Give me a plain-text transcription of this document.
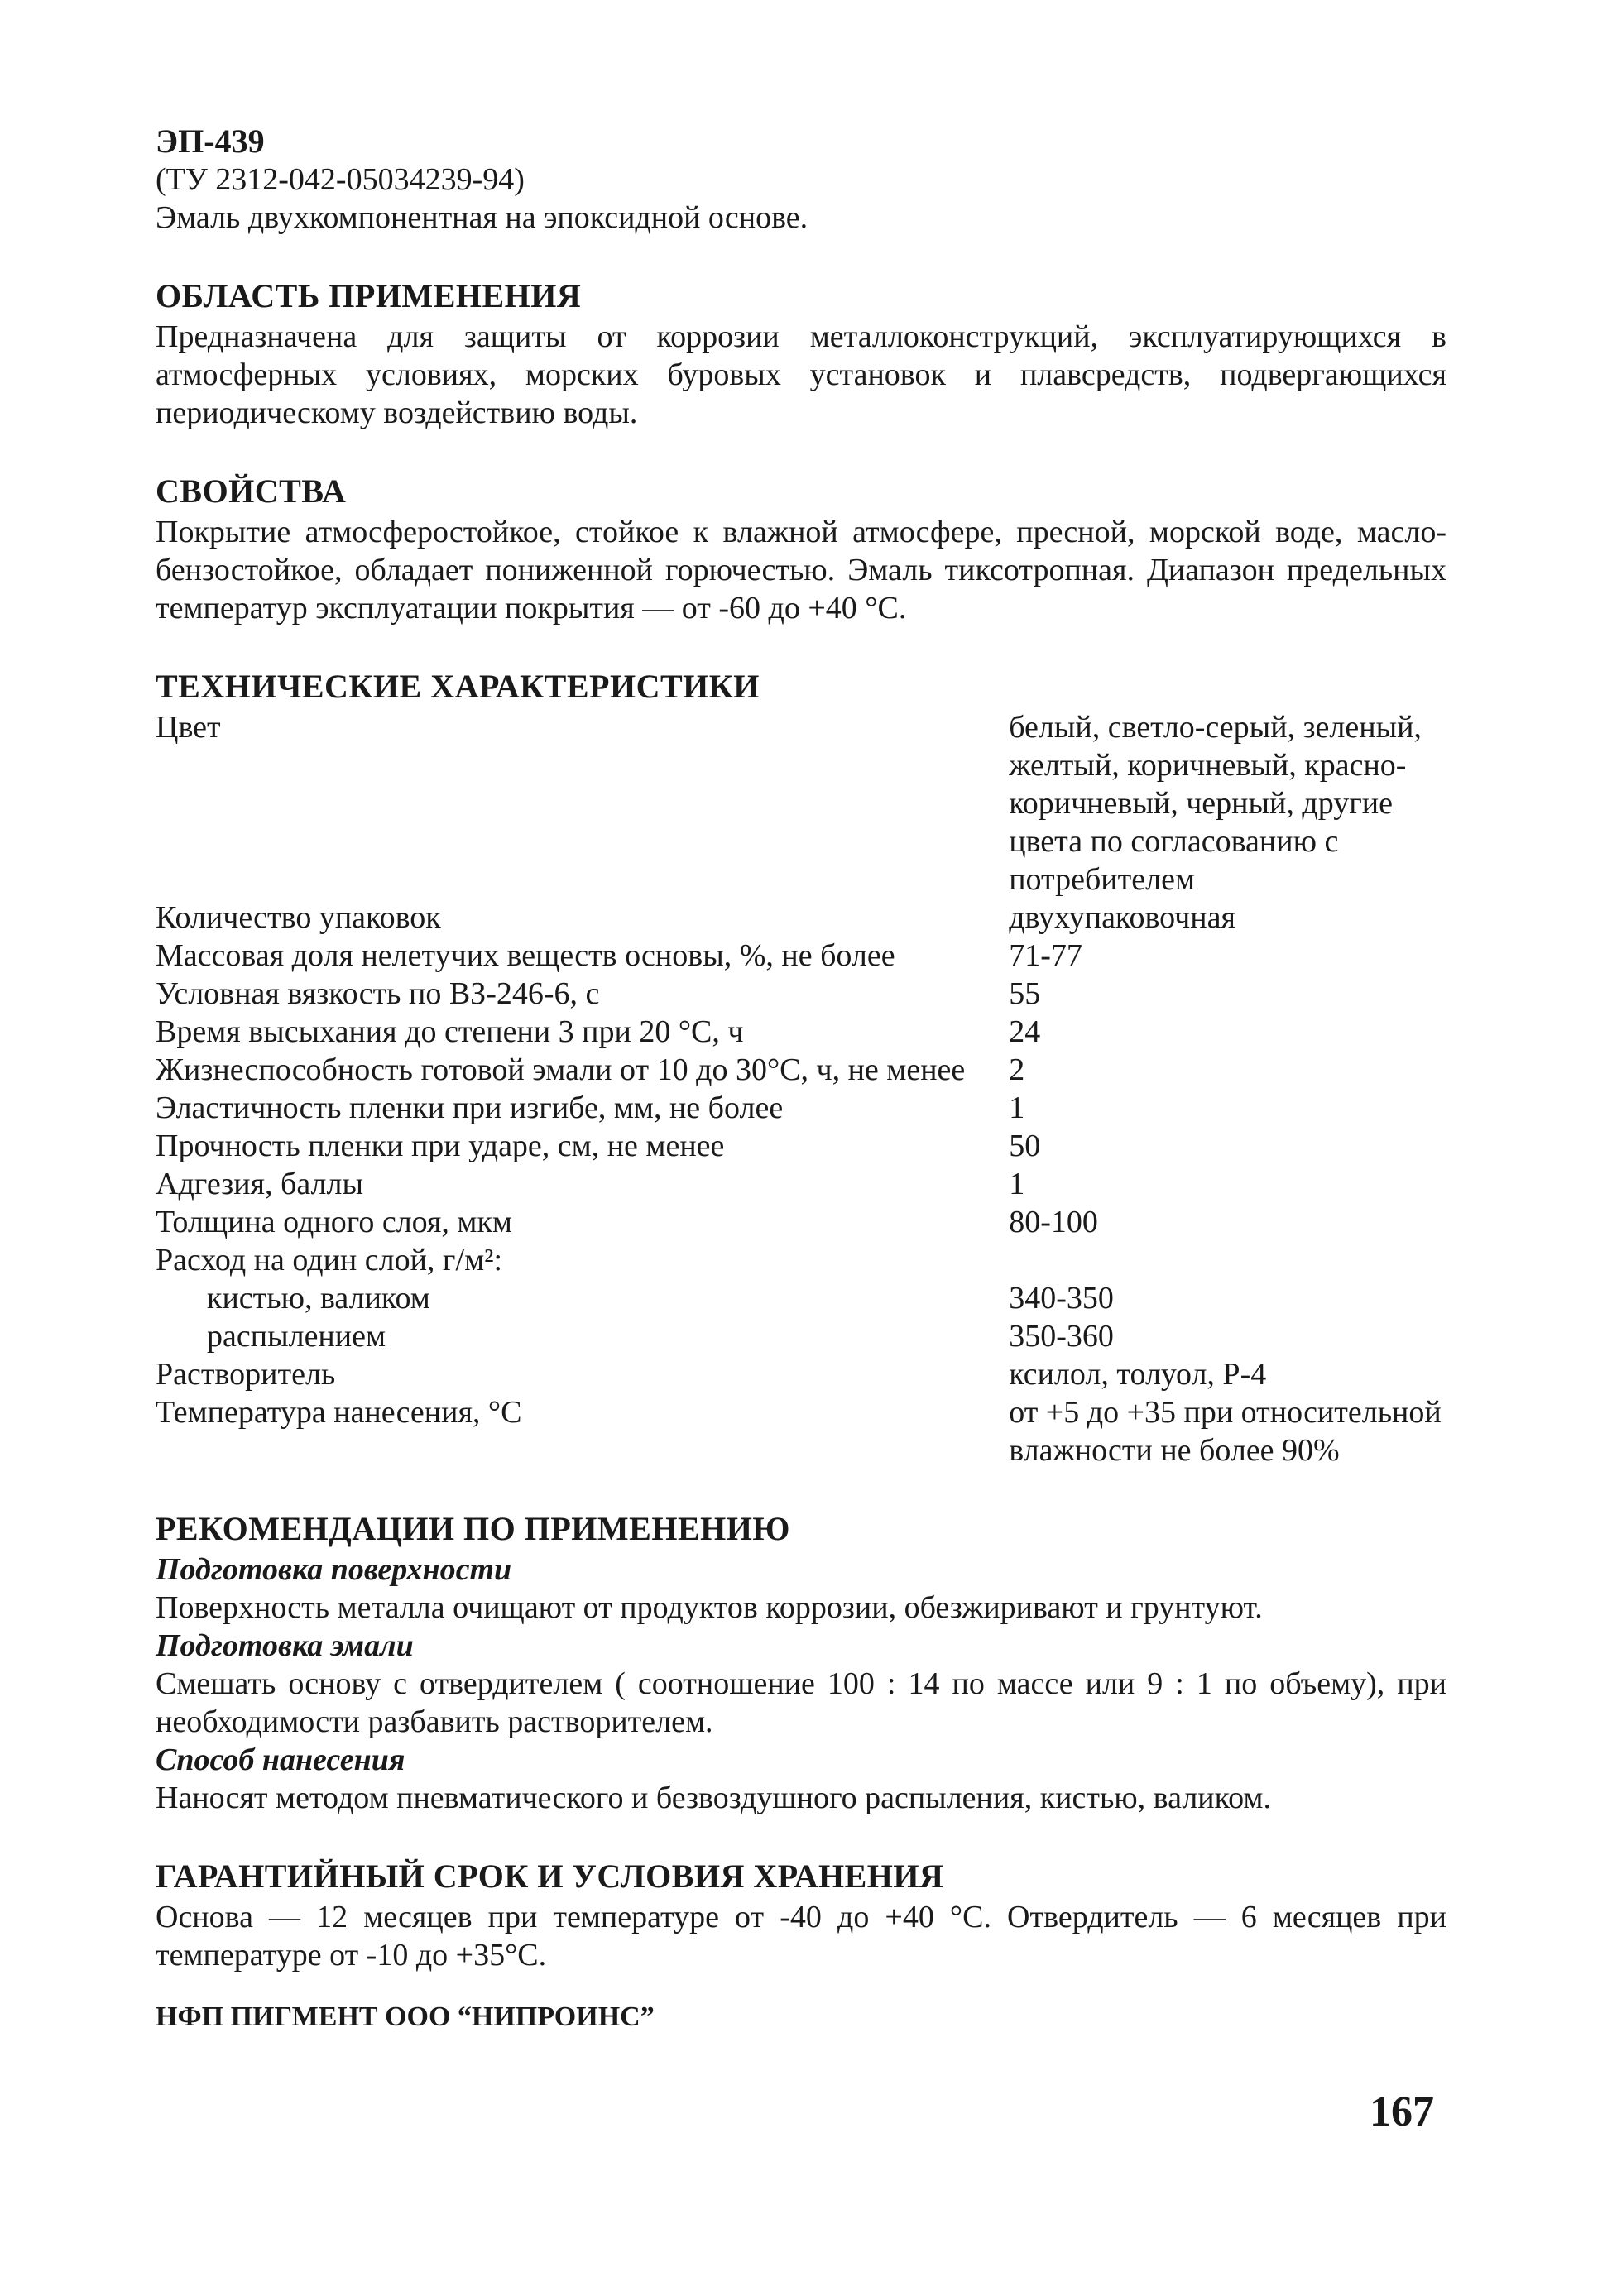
ЭП-439

(ТУ 2312-042-05034239-94)

Эмаль двухкомпонентная на эпоксидной основе.

ОБЛАСТЬ ПРИМЕНЕНИЯ

Предназначена для защиты от коррозии металлоконструкций, эксплуатирующихся в атмосферных условиях, морских буровых установок и плавсредств, подвергающихся периодическому воздействию воды.

СВОЙСТВА

Покрытие атмосферостойкое, стойкое к влажной атмосфере, пресной, морской воде, масло-бензостойкое, обладает пониженной горючестью. Эмаль тиксотропная. Диапазон предельных температур эксплуатации покрытия — от -60 до +40 °С.

ТЕХНИЧЕСКИЕ ХАРАКТЕРИСТИКИ
Цвет	белый, светло-серый, зеленый, желтый, коричневый, красно-коричневый, черный, другие цвета по согласованию с потребителем
Количество упаковок	двухупаковочная
Массовая доля нелетучих веществ основы, %, не более	71-77
Условная вязкость по ВЗ-246-6, с	55
Время высыхания до степени 3 при 20 °С, ч	24
Жизнеспособность готовой эмали от 10 до 30°С, ч, не менее	2
Эластичность пленки при изгибе, мм, не более	1
Прочность пленки при ударе, см, не менее	50
Адгезия, баллы	1
Толщина одного слоя, мкм	80-100
Расход на один слой, г/м²:	
кистью, валиком	340-350
распылением	350-360
Растворитель	ксилол, толуол, Р-4
Температура нанесения, °С	от +5 до +35 при относительной влажности не более 90%
РЕКОМЕНДАЦИИ ПО ПРИМЕНЕНИЮ

Подготовка поверхности

Поверхность металла очищают от продуктов коррозии, обезжиривают и грунтуют.

Подготовка эмали

Смешать основу с отвердителем ( соотношение 100 : 14 по массе или 9 : 1 по объему), при необходимости разбавить растворителем.

Способ нанесения

Наносят методом пневматического и безвоздушного распыления, кистью, валиком.

ГАРАНТИЙНЫЙ СРОК И УСЛОВИЯ ХРАНЕНИЯ

Основа — 12 месяцев при температуре от -40 до +40 °С. Отвердитель — 6 месяцев при температуре от -10 до +35°С.

НФП ПИГМЕНТ ООО “НИПРОИНС”
167
